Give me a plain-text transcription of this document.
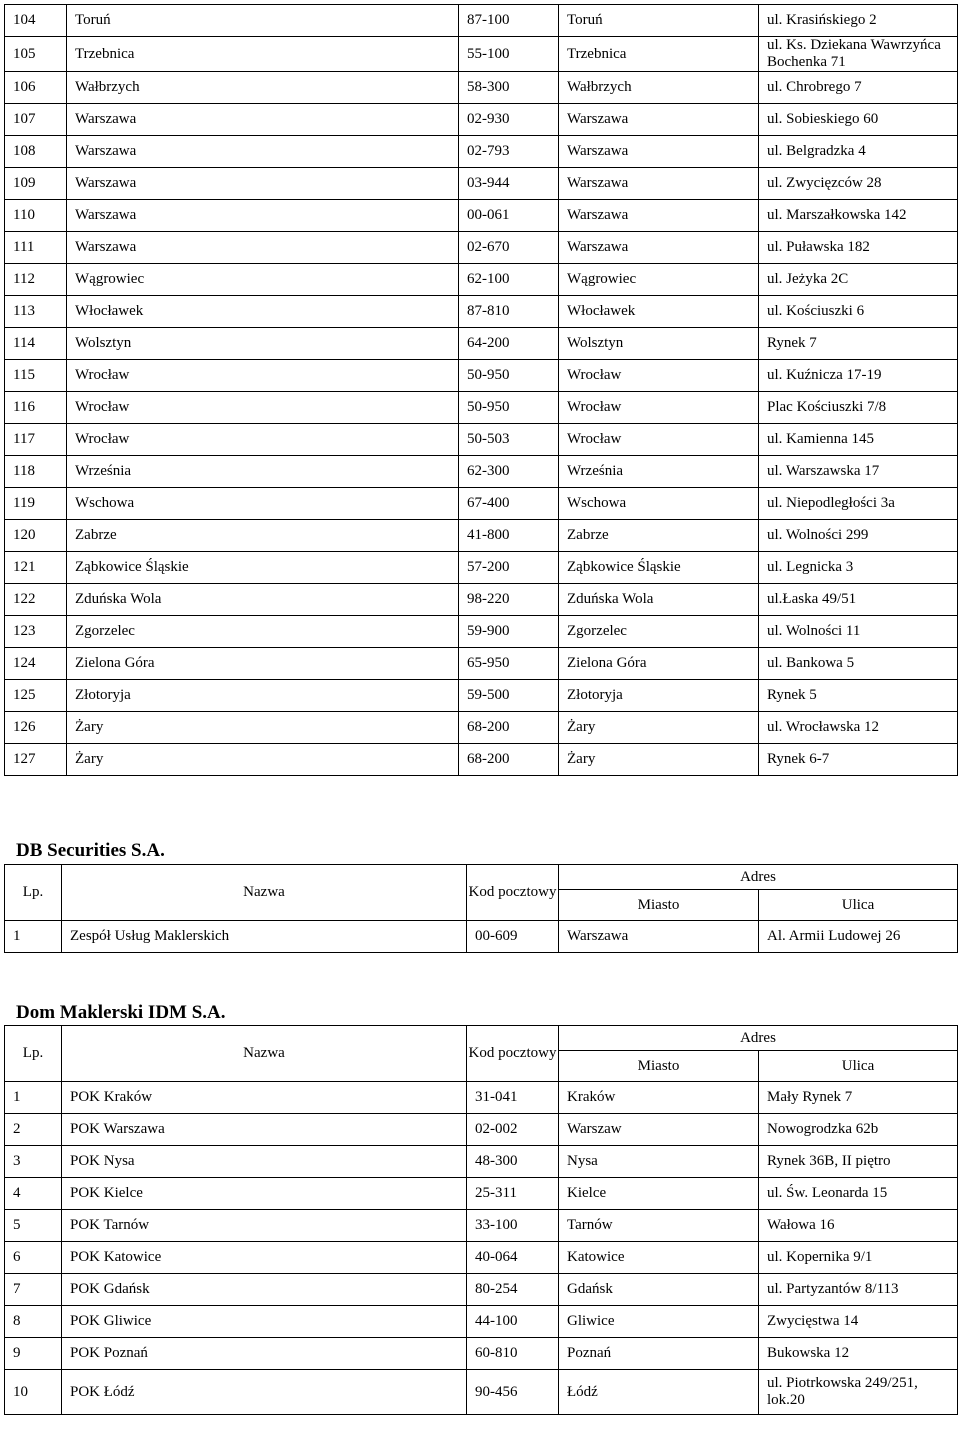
104	Toruń	87-100	Toruń	ul. Krasińskiego 2
105	Trzebnica	55-100	Trzebnica	ul. Ks. Dziekana Wawrzyńca Bochenka 71
106	Wałbrzych	58-300	Wałbrzych	ul. Chrobrego 7
107	Warszawa	02-930	Warszawa	ul. Sobieskiego 60
108	Warszawa	02-793	Warszawa	ul. Belgradzka 4
109	Warszawa	03-944	Warszawa	ul. Zwycięzców 28
110	Warszawa	00-061	Warszawa	ul. Marszałkowska 142
111	Warszawa	02-670	Warszawa	ul. Puławska 182
112	Wągrowiec	62-100	Wągrowiec	ul. Jeżyka 2C
113	Włocławek	87-810	Włocławek	ul. Kościuszki 6
114	Wolsztyn	64-200	Wolsztyn	Rynek 7
115	Wrocław	50-950	Wrocław	ul. Kuźnicza 17-19
116	Wrocław	50-950	Wrocław	Plac Kościuszki 7/8
117	Wrocław	50-503	Wrocław	ul. Kamienna 145
118	Września	62-300	Września	ul. Warszawska 17
119	Wschowa	67-400	Wschowa	ul. Niepodległości 3a
120	Zabrze	41-800	Zabrze	ul. Wolności 299
121	Ząbkowice Śląskie	57-200	Ząbkowice Śląskie	ul. Legnicka 3
122	Zduńska Wola	98-220	Zduńska Wola	ul.Łaska 49/51
123	Zgorzelec	59-900	Zgorzelec	ul. Wolności 11
124	Zielona Góra	65-950	Zielona Góra	ul. Bankowa 5
125	Złotoryja	59-500	Złotoryja	Rynek 5
126	Żary	68-200	Żary	ul. Wrocławska 12
127	Żary	68-200	Żary	Rynek 6-7
DB Securities S.A.
Lp.	Nazwa	Kod pocztowy	Adres	
			Miasto	Ulica
1	Zespół Usług Maklerskich	00-609	Warszawa	Al. Armii Ludowej 26
Dom Maklerski IDM S.A.
Lp.	Nazwa	Kod pocztowy	Adres	
			Miasto	Ulica
1	POK Kraków	31-041	Kraków	Mały Rynek 7
2	POK Warszawa	02-002	Warszaw	Nowogrodzka 62b
3	POK Nysa	48-300	Nysa	Rynek 36B, II piętro
4	POK Kielce	25-311	Kielce	ul. Św. Leonarda 15
5	POK Tarnów	33-100	Tarnów	Wałowa 16
6	POK Katowice	40-064	Katowice	ul. Kopernika 9/1
7	POK Gdańsk	80-254	Gdańsk	ul. Partyzantów 8/113
8	POK Gliwice	44-100	Gliwice	Zwycięstwa 14
9	POK Poznań	60-810	Poznań	Bukowska 12
10	POK Łódź	90-456	Łódź	ul. Piotrkowska 249/251, lok.20
